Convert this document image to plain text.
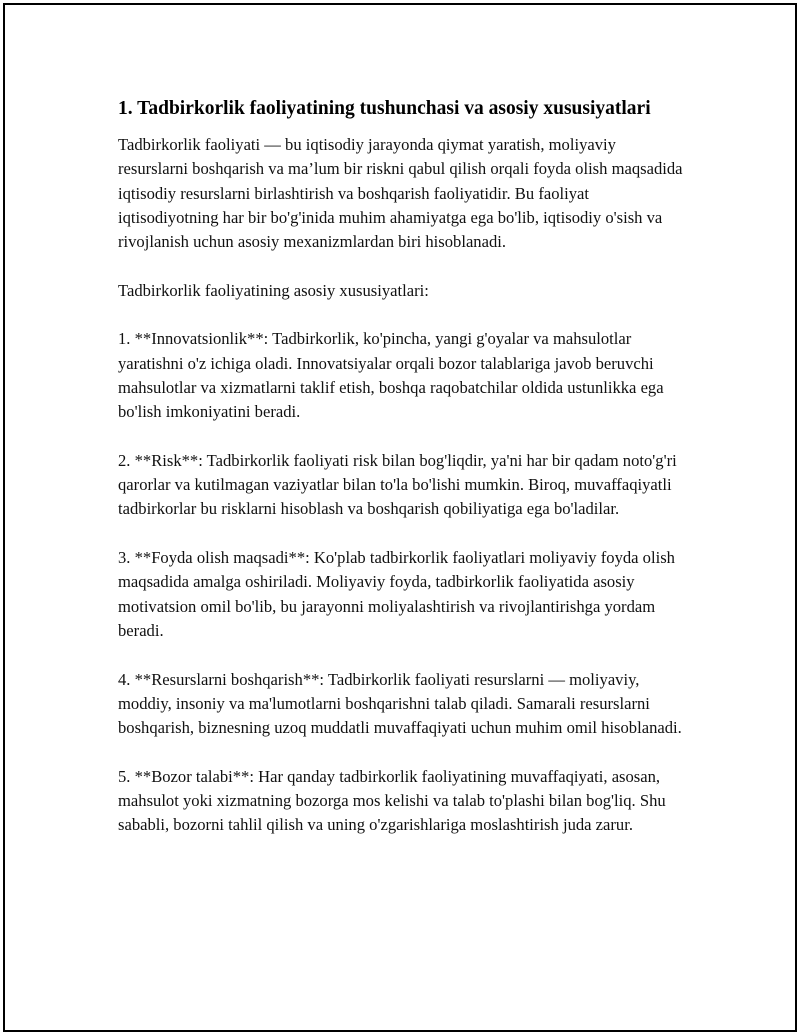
1. Tadbirkorlik faoliyatining tushunchasi va asosiy xususiyatlari

Tadbirkorlik faoliyati — bu iqtisodiy jarayonda qiymat yaratish, moliyaviy resurslarni boshqarish va ma’lum bir riskni qabul qilish orqali foyda olish maqsadida iqtisodiy resurslarni birlashtirish va boshqarish faoliyatidir. Bu faoliyat iqtisodiyotning har bir bo'g'inida muhim ahamiyatga ega bo'lib, iqtisodiy o'sish va rivojlanish uchun asosiy mexanizmlardan biri hisoblanadi.

Tadbirkorlik faoliyatining asosiy xususiyatlari:

1. **Innovatsionlik**: Tadbirkorlik, ko'pincha, yangi g'oyalar va mahsulotlar yaratishni o'z ichiga oladi. Innovatsiyalar orqali bozor talablariga javob beruvchi mahsulotlar va xizmatlarni taklif etish, boshqa raqobatchilar oldida ustunlikka ega bo'lish imkoniyatini beradi.

2. **Risk**: Tadbirkorlik faoliyati risk bilan bog'liqdir, ya'ni har bir qadam noto'g'ri qarorlar va kutilmagan vaziyatlar bilan to'la bo'lishi mumkin. Biroq, muvaffaqiyatli tadbirkorlar bu risklarni hisoblash va boshqarish qobiliyatiga ega bo'ladilar.

3. **Foyda olish maqsadi**: Ko'plab tadbirkorlik faoliyatlari moliyaviy foyda olish maqsadida amalga oshiriladi. Moliyaviy foyda, tadbirkorlik faoliyatida asosiy motivatsion omil bo'lib, bu jarayonni moliyalashtirish va rivojlantirishga yordam beradi.

4. **Resurslarni boshqarish**: Tadbirkorlik faoliyati resurslarni — moliyaviy, moddiy, insoniy va ma'lumotlarni boshqarishni talab qiladi. Samarali resurslarni boshqarish, biznesning uzoq muddatli muvaffaqiyati uchun muhim omil hisoblanadi.

5. **Bozor talabi**: Har qanday tadbirkorlik faoliyatining muvaffaqiyati, asosan, mahsulot yoki xizmatning bozorga mos kelishi va talab to'plashi bilan bog'liq. Shu sababli, bozorni tahlil qilish va uning o'zgarishlariga moslashtirish juda zarur.
